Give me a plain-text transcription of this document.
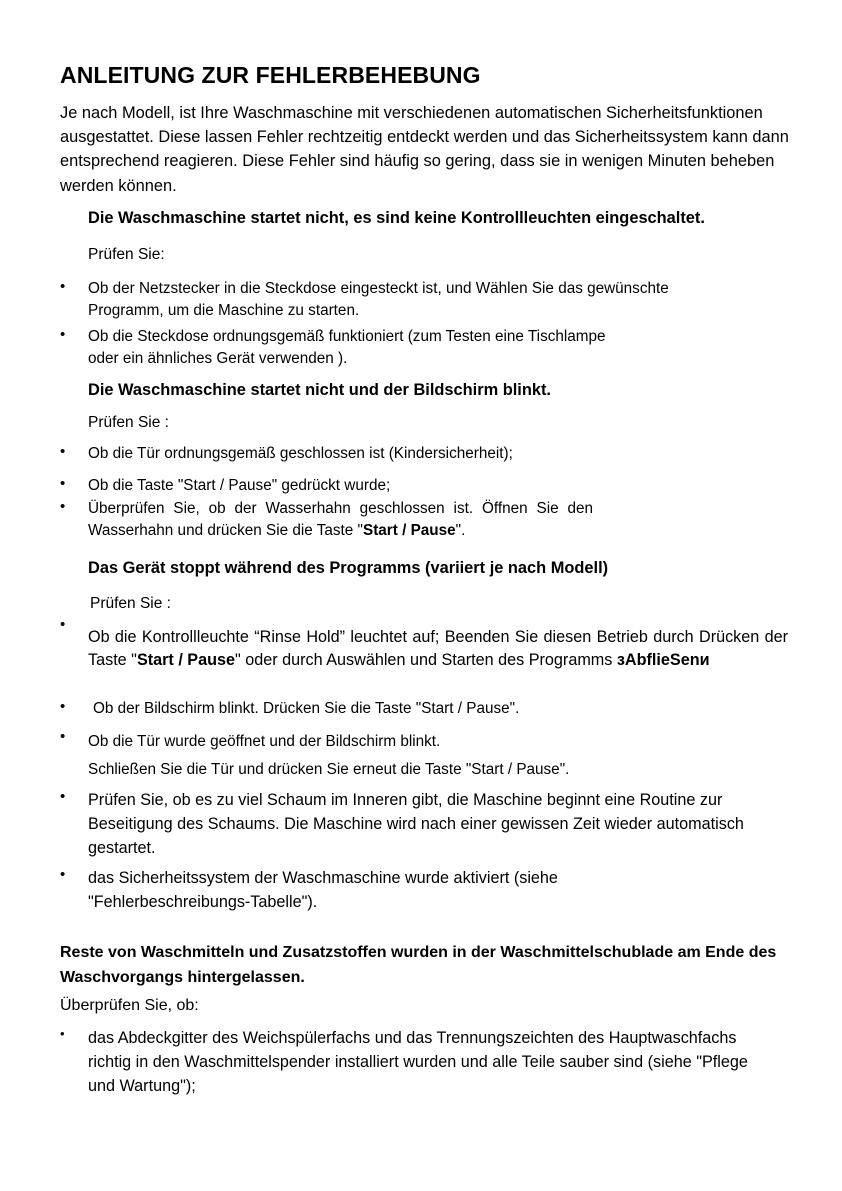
ANLEITUNG ZUR FEHLERBEHEBUNG

Je nach Modell, ist Ihre Waschmaschine mit verschiedenen automatischen Sicherheitsfunktionen ausgestattet. Diese lassen Fehler rechtzeitig entdeckt werden und das Sicherheitssystem kann dann entsprechend reagieren. Diese Fehler sind häufig so gering, dass sie in wenigen Minuten beheben werden können.

Die Waschmaschine startet nicht, es sind keine Kontrollleuchten eingeschaltet.

Prüfen Sie:

• Ob der Netzstecker in die Steckdose eingesteckt ist, und Wählen Sie das gewünschte Programm, um die Maschine zu starten.

• Ob die Steckdose ordnungsgemäß funktioniert (zum Testen eine Tischlampe oder ein ähnliches Gerät verwenden ).

Die Waschmaschine startet nicht und der Bildschirm blinkt.

Prüfen Sie :

• Ob die Tür ordnungsgemäß geschlossen ist (Kindersicherheit);

• Ob die Taste "Start / Pause" gedrückt wurde;

• Überprüfen Sie, ob der Wasserhahn geschlossen ist. Öffnen Sie den Wasserhahn und drücken Sie die Taste "Start / Pause".

Das Gerät stoppt während des Programms (variiert je nach Modell)

Prüfen Sie :

•

Ob die Kontrollleuchte “Rinse Hold” leuchtet auf; Beenden Sie diesen Betrieb durch Drücken der Taste "Start / Pause" oder durch Auswählen und Starten des Programms зAbflieSenи

• Ob der Bildschirm blinkt. Drücken Sie die Taste "Start / Pause".

• Ob die Tür wurde geöffnet und der Bildschirm blinkt.
Schließen Sie die Tür und drücken Sie erneut die Taste "Start / Pause".

• Prüfen Sie, ob es zu viel Schaum im Inneren gibt, die Maschine beginnt eine Routine zur Beseitigung des Schaums. Die Maschine wird nach einer gewissen Zeit wieder automatisch gestartet.

• das Sicherheitssystem der Waschmaschine wurde aktiviert (siehe "Fehlerbeschreibungs-Tabelle").

Reste von Waschmitteln und Zusatzstoffen wurden in der Waschmittelschublade am Ende des Waschvorgangs hintergelassen.

Überprüfen Sie, ob:

• das Abdeckgitter des Weichspülerfachs und das Trennungszeichten des Hauptwaschfachs richtig in den Waschmittelspender installiert wurden und alle Teile sauber sind (siehe "Pflege und Wartung");
